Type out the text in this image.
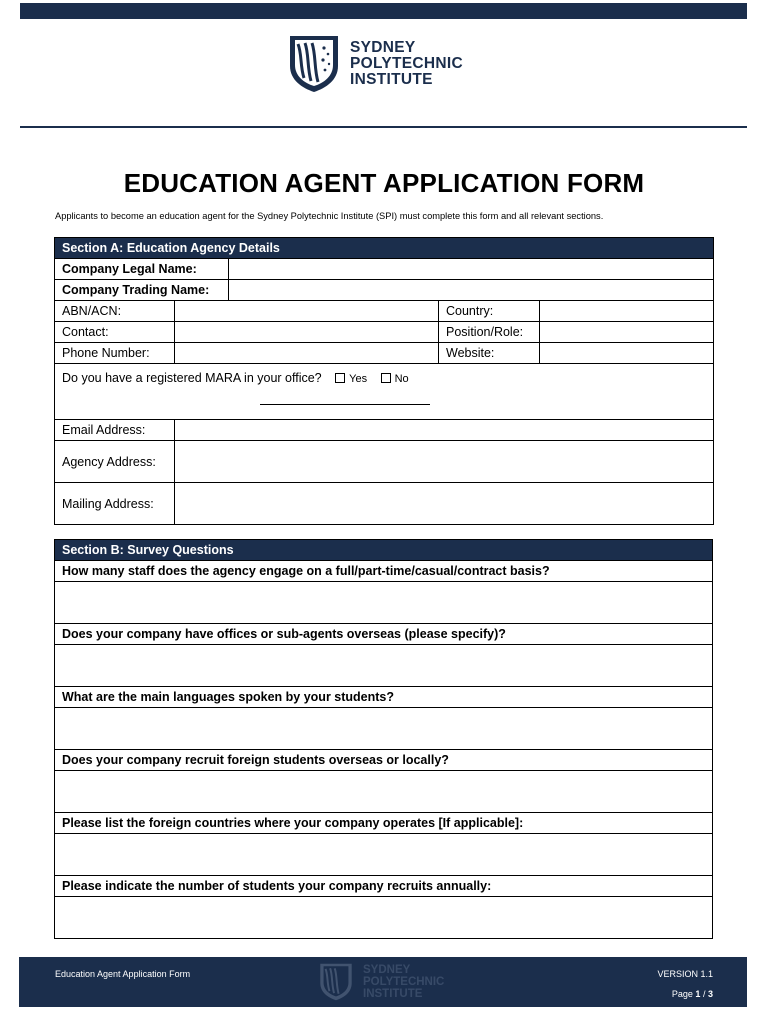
SYDNEY
POLYTECHNIC
INSTITUTE
EDUCATION AGENT APPLICATION FORM
Applicants to become an education agent for the Sydney Polytechnic Institute (SPI) must complete this form and all relevant sections.
Section A: Education Agency Details				
Company Legal Name:				
Company Trading Name:				
ABN/ACN:			Country:	
Contact:			Position/Role:	
Phone Number:			Website:	
Do you have a registered MARA in your office? Yes No				

Email Address:				
Agency Address:				
Mailing Address:				
Section B: Survey Questions
How many staff does the agency engage on a full/part-time/casual/contract basis?

Does your company have offices or sub-agents overseas (please specify)?

What are the main languages spoken by your students?

Does your company recruit foreign students overseas or locally?

Please list the foreign countries where your company operates [If applicable]:

Please indicate the number of students your company recruits annually:

Education Agent Application Form	SYDNEY
POLYTECHNIC
INSTITUTE
VERSION 1.1
Page 1 / 3
